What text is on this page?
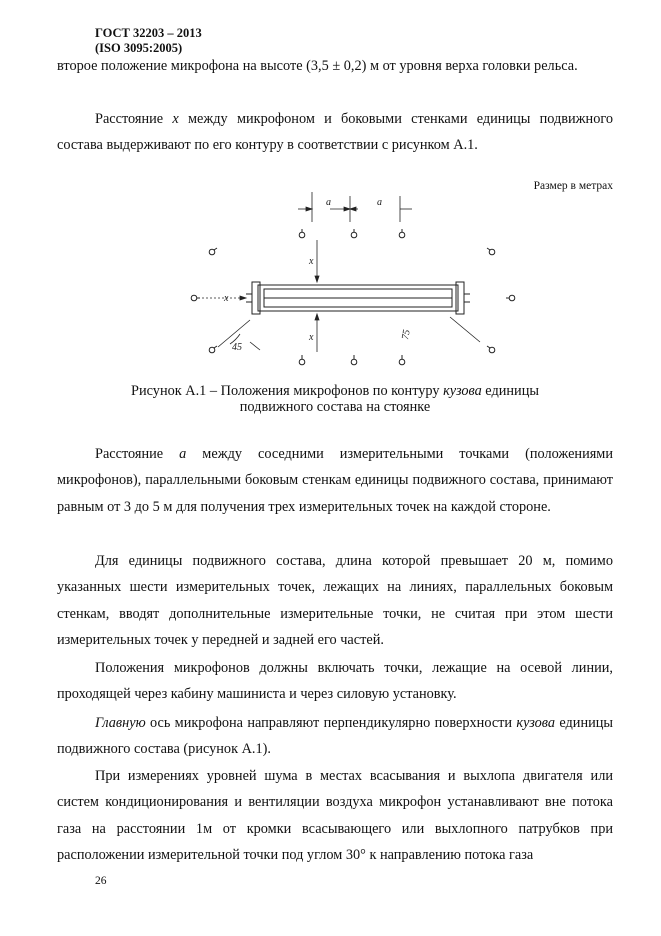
ГОСТ 32203 – 2013
(ISO 3095:2005)

второе положение микрофона на высоте (3,5 ± 0,2) м от уровня верха головки рельса.

Расстояние x между микрофоном и боковыми стенками единицы подвижного состава выдерживают по его контуру в соответствии с рисунком А.1.

Размер в метрах
a	a
x
x
x
45
75
Рисунок А.1 – Положения микрофонов по контуру кузова единицы
подвижного состава на стоянке

Расстояние a между соседними измерительными точками (положениями микрофонов), параллельными боковым стенкам единицы подвижного состава, принимают равным от 3 до 5 м для получения трех измерительных точек на каждой стороне.

Для единицы подвижного состава, длина которой превышает 20 м, помимо указанных шести измерительных точек, лежащих на линиях, параллельных боковым стенкам, вводят дополнительные измерительные точки, не считая при этом шести измерительных точек у передней и задней его частей.

Положения микрофонов должны включать точки, лежащие на осевой линии, проходящей через кабину машиниста и через силовую установку.

Главную ось микрофона направляют перпендикулярно поверхности кузова единицы подвижного состава (рисунок А.1).

При измерениях уровней шума в местах всасывания и выхлопа двигателя или систем кондиционирования и вентиляции воздуха микрофон устанавливают вне потока газа на расстоянии 1м от кромки всасывающего или выхлопного патрубков при расположении измерительной точки под углом 30° к направлению потока газа

26
